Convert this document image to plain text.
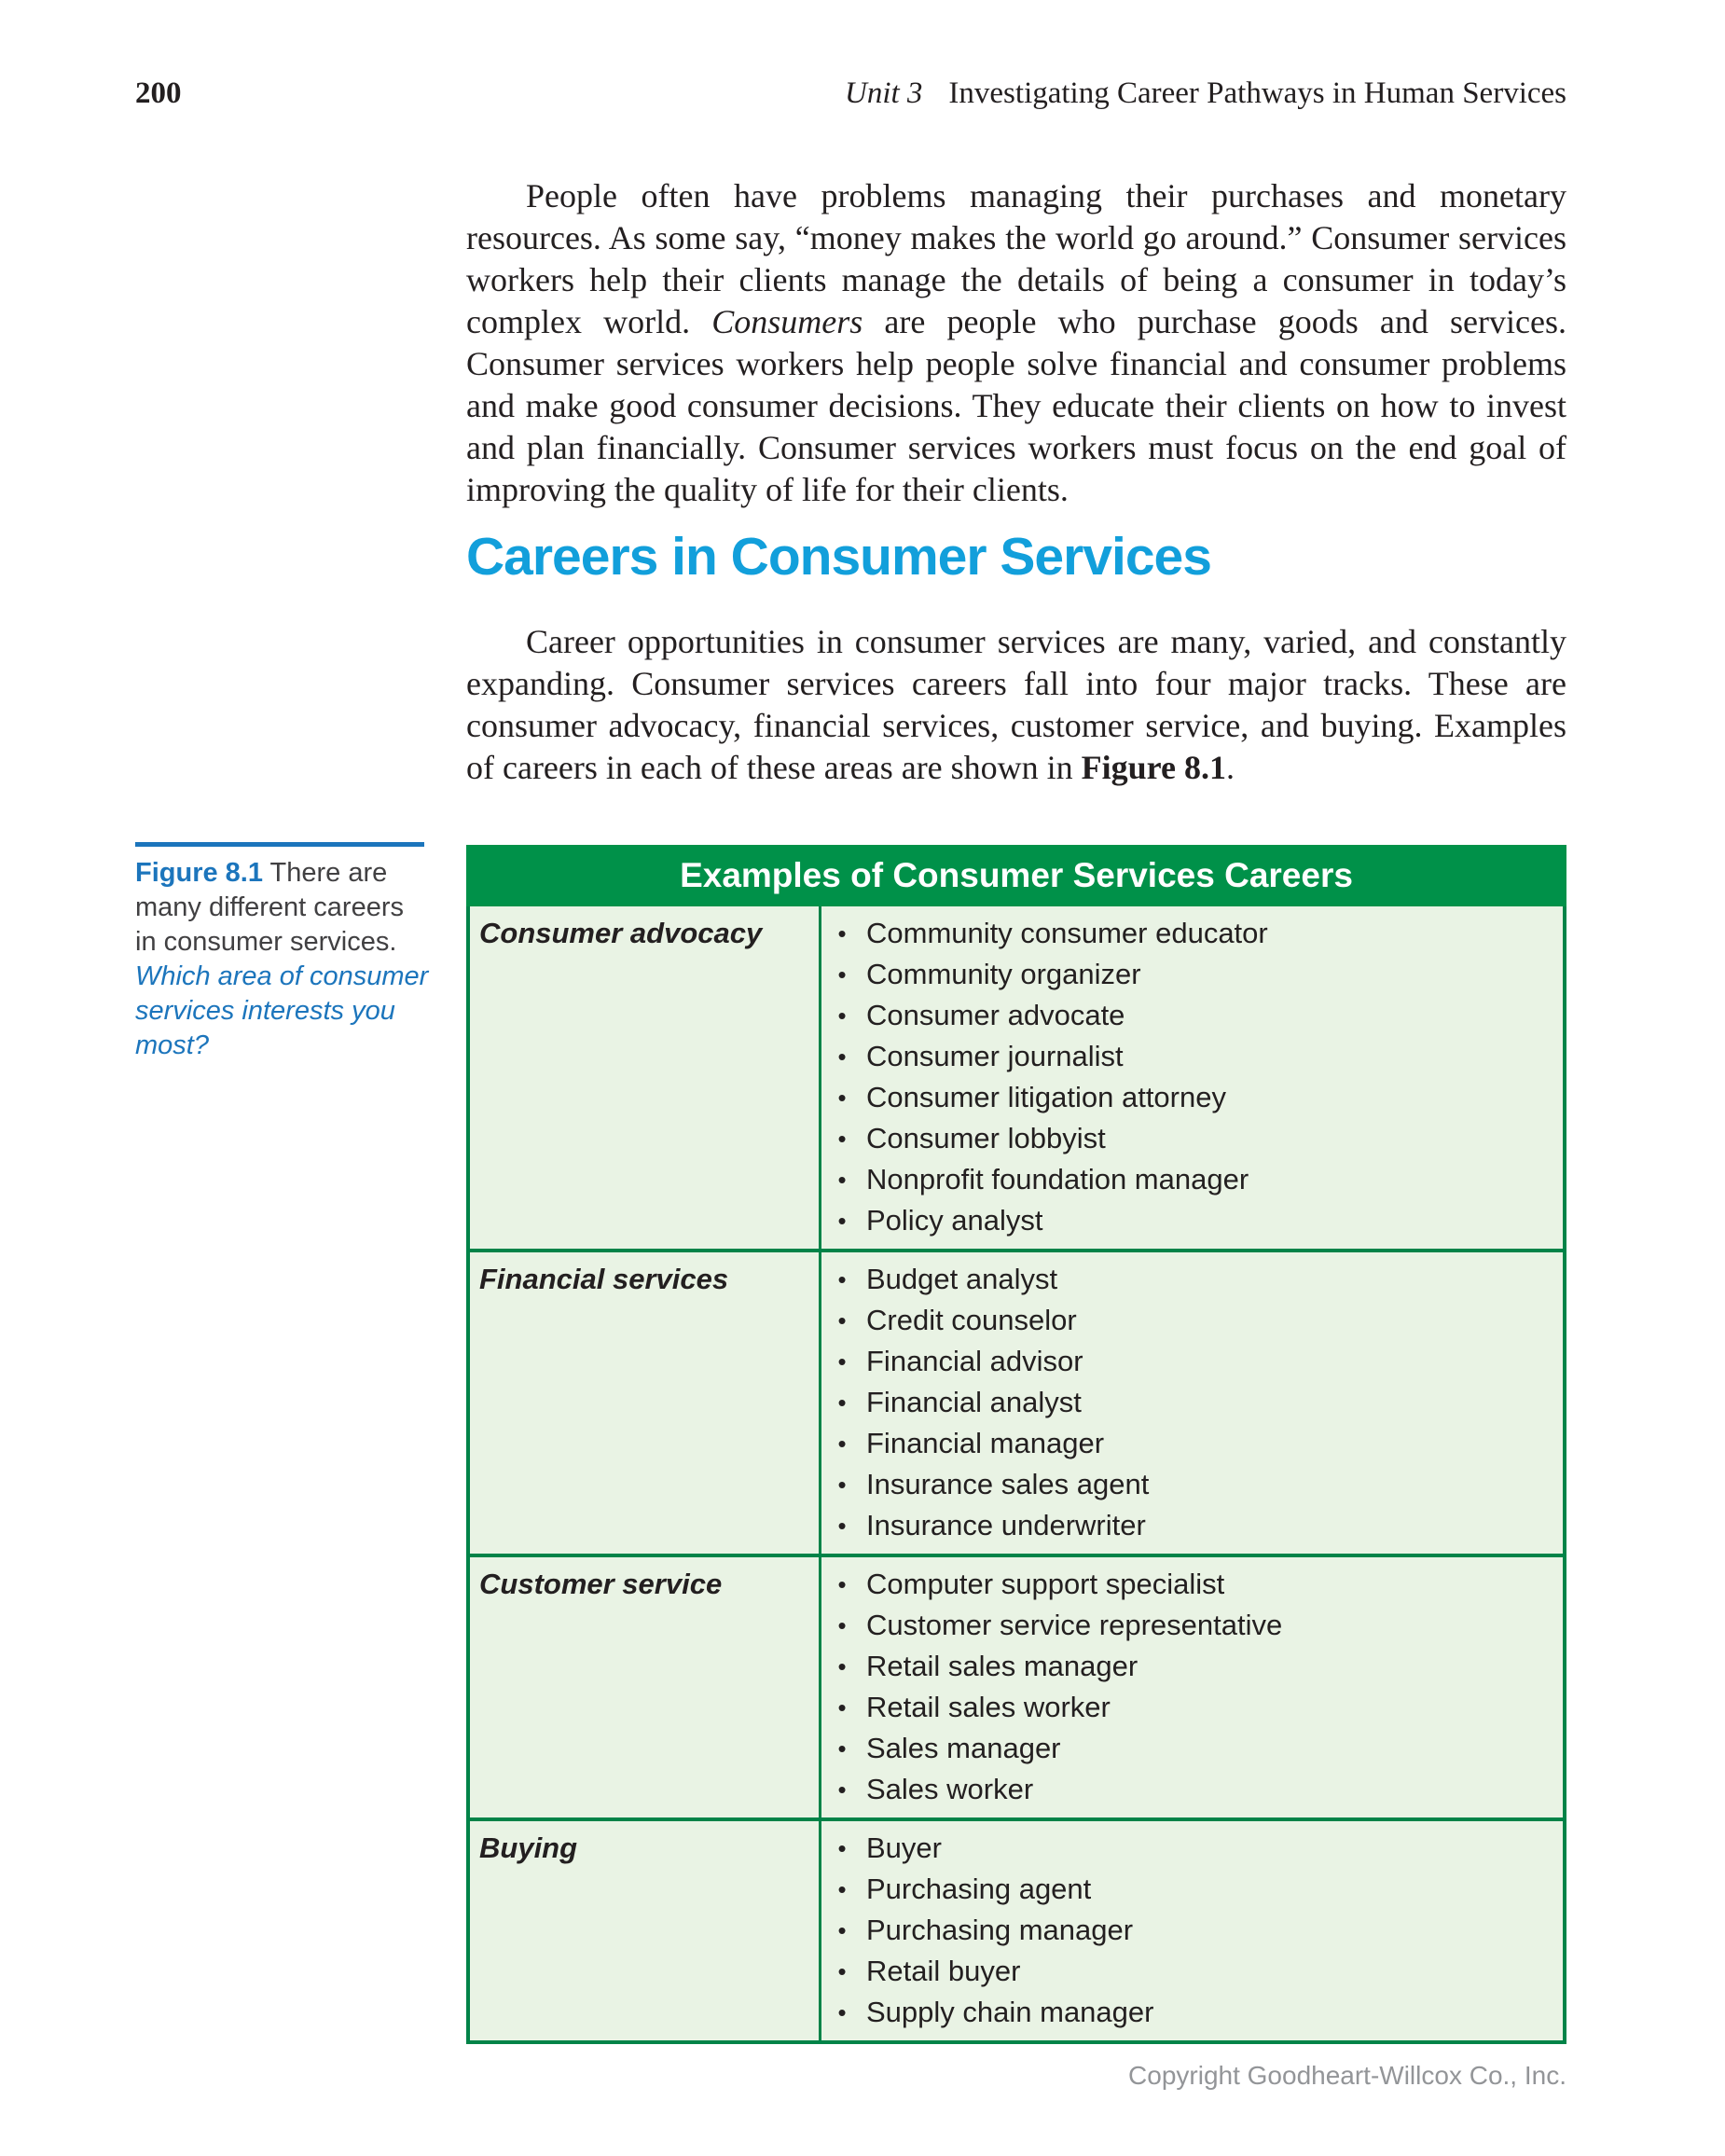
200	Unit 3 Investigating Career Pathways in Human Services

People often have problems managing their purchases and monetary resources. As some say, “money makes the world go around.” Consumer services workers help their clients manage the details of being a consumer in today’s complex world. Consumers are people who purchase goods and services. Consumer services workers help people solve financial and consumer problems and make good consumer decisions. They educate their clients on how to invest and plan financially. Consumer services workers must focus on the end goal of improving the quality of life for their clients.

Careers in Consumer Services

Career opportunities in consumer services are many, varied, and constantly expanding. Consumer services careers fall into four major tracks. These are consumer advocacy, financial services, customer service, and buying. Examples of careers in each of these areas are shown in Figure 8.1.

Figure 8.1 There are many different careers in consumer services. Which area of consumer services interests you most?
Examples of Consumer Services Careers
Consumer advocacy	• Community consumer educator
• Community organizer
• Consumer advocate
• Consumer journalist
• Consumer litigation attorney
• Consumer lobbyist
• Nonprofit foundation manager
• Policy analyst
Financial services	• Budget analyst
• Credit counselor
• Financial advisor
• Financial analyst
• Financial manager
• Insurance sales agent
• Insurance underwriter
Customer service	• Computer support specialist
• Customer service representative
• Retail sales manager
• Retail sales worker
• Sales manager
• Sales worker
Buying	• Buyer
• Purchasing agent
• Purchasing manager
• Retail buyer
• Supply chain manager
Copyright Goodheart-Willcox Co., Inc.
